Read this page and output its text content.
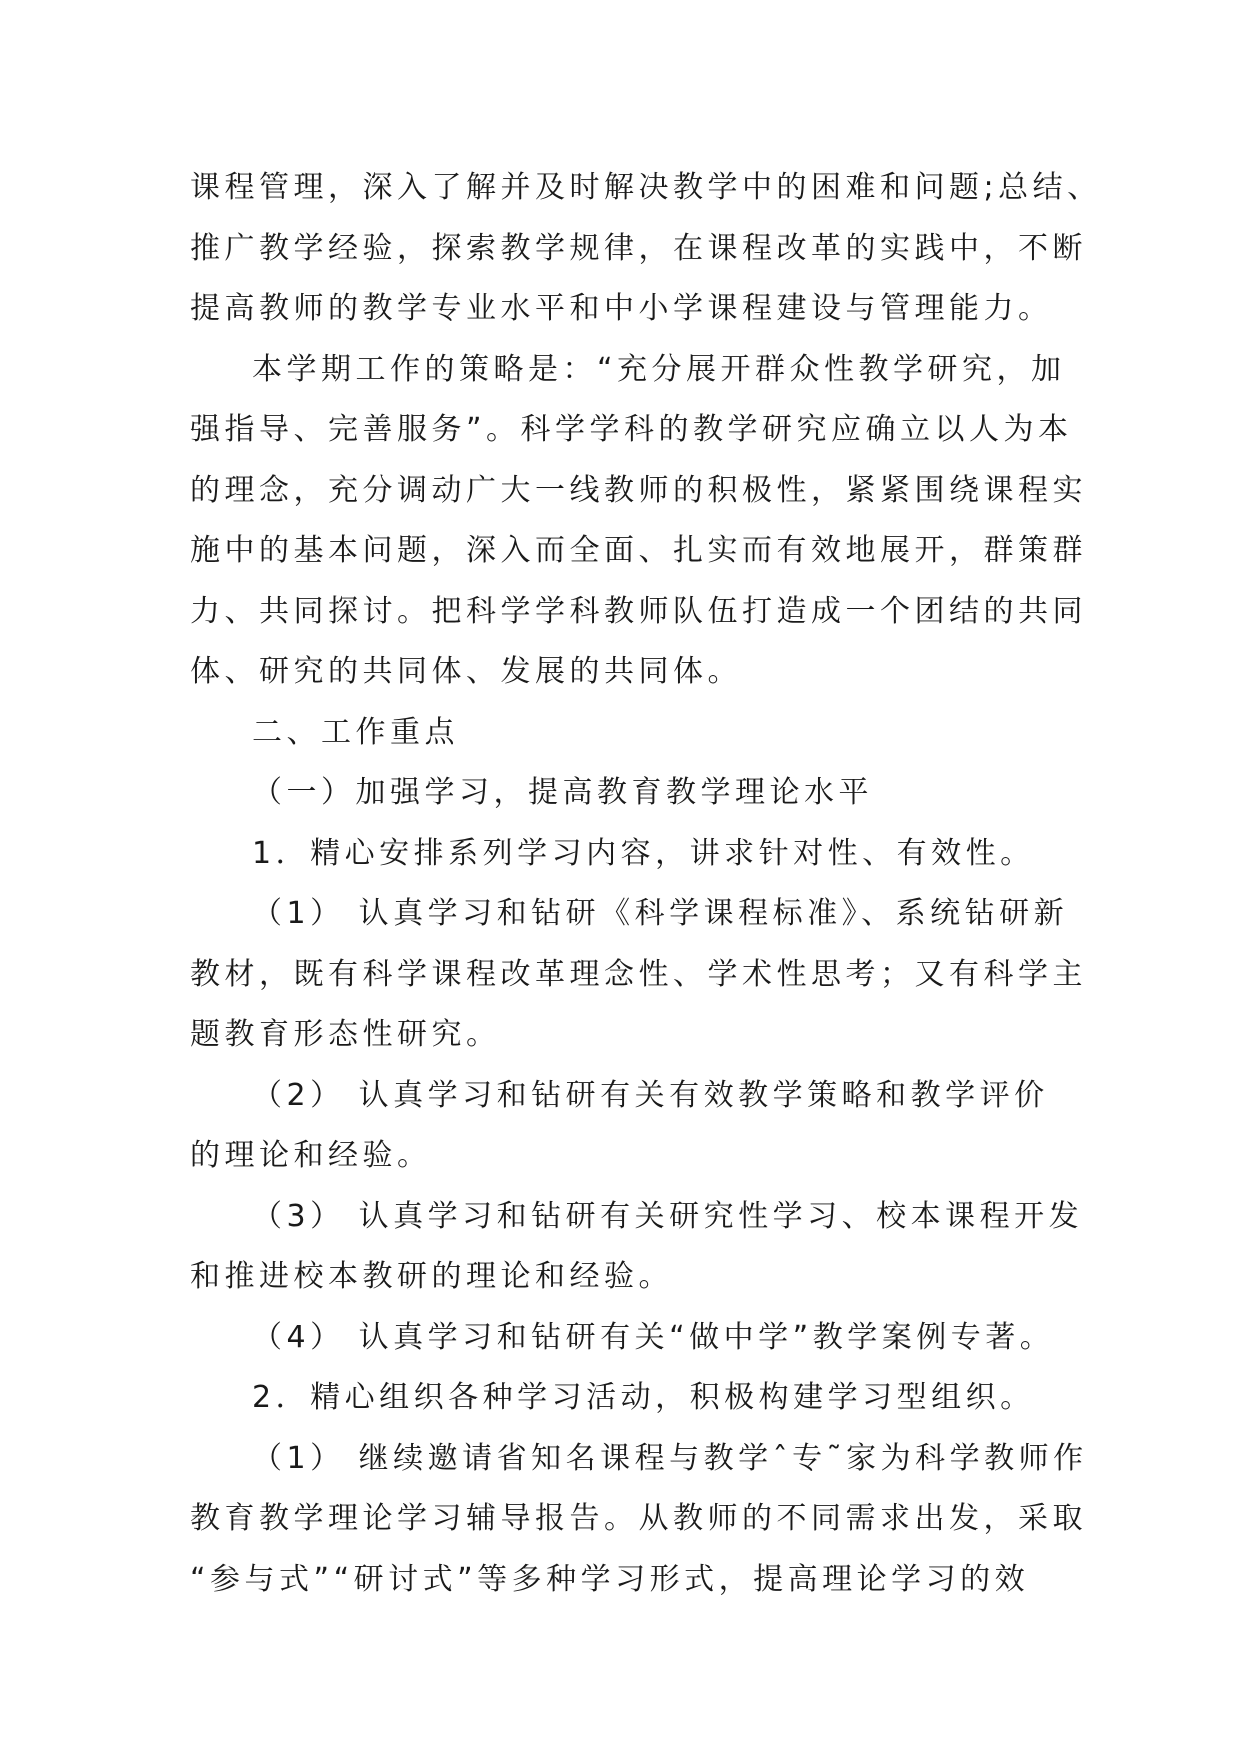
课程管理，深入了解并及时解决教学中的困难和问题;总结、
推广教学经验，探索教学规律，在课程改革的实践中，不断
提高教师的教学专业水平和中小学课程建设与管理能力。
本学期工作的策略是：“充分展开群众性教学研究，加
强指导、完善服务”。科学学科的教学研究应确立以人为本
的理念，充分调动广大一线教师的积极性，紧紧围绕课程实
施中的基本问题，深入而全面、扎实而有效地展开，群策群
力、共同探讨。把科学学科教师队伍打造成一个团结的共同
体、研究的共同体、发展的共同体。
二、工作重点
（一）加强学习，提高教育教学理论水平
1．精心安排系列学习内容，讲求针对性、有效性。
（1） 认真学习和钻研《科学课程标准》、系统钻研新
教材，既有科学课程改革理念性、学术性思考；又有科学主
题教育形态性研究。
（2） 认真学习和钻研有关有效教学策略和教学评价
的理论和经验。
（3） 认真学习和钻研有关研究性学习、校本课程开发
和推进校本教研的理论和经验。
（4） 认真学习和钻研有关“做中学”教学案例专著。
2．精心组织各种学习活动，积极构建学习型组织。
（1） 继续邀请省知名课程与教学ˆ专˜家为科学教师作
教育教学理论学习辅导报告。从教师的不同需求出发，采取
“参与式”“研讨式”等多种学习形式，提高理论学习的效
